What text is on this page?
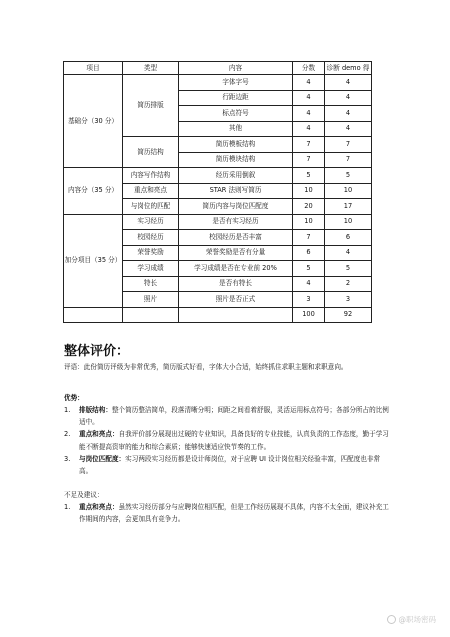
项目	类型	内容	分数	诊断 demo 得
基础分（30 分）	简历排版	字体字号	4	4
		行距边距	4	4
		标点符号	4	4
		其他	4	4
	简历结构	简历模板结构	7	7
		简历模块结构	7	7
内容分（35 分）	内容写作结构	经历采用倒叙	5	5
	重点和亮点	STAR 法则写简历	10	10
	与岗位的匹配	简历内容与岗位匹配度	20	17
加分项目（35 分）	实习经历	是否有实习经历	10	10
	校园经历	校园经历是否丰富	7	6
	荣誉奖励	荣誉奖励是否有分量	6	4
	学习成绩	学习成绩是否在专业前 20%	5	5
	特长	是否有特长	4	2
	照片	照片是否正式	3	3
			100	92
整体评价：
评语：此份简历评级为非常优秀，简历版式好看，字体大小合适，始终抓住求职主题和求职意向。
优势：
1. 排版结构：整个简历整洁简单，段落清晰分明；间距之间看着舒服，灵活运用标点符号；各部分所占的比例适中。
2. 重点和亮点：自我评价部分展现出过硬的专业知识，具备良好的专业技能，认真负责的工作态度，勤于学习能不断提高资审的能力和综合素质；能够快速适应快节奏的工作。
3. 与岗位匹配度：实习两段实习经历都是设计师岗位，对于应聘 UI 设计岗位相关经验丰富，匹配度也非常高。
不足及建议：
1. 重点和亮点：虽然实习经历部分与应聘岗位相匹配，但是工作经历展现不具体，内容不太全面，建议补充工作期间的内容，会更加具有竞争力。
@职场密码
